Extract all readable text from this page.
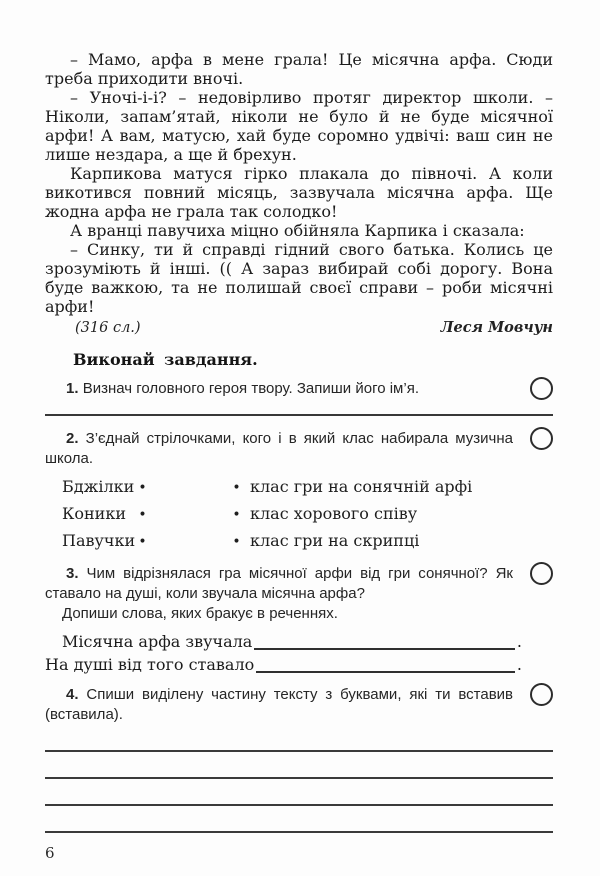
– Мамо, арфа в мене грала! Це місячна арфа. Сюди треба приходити вночі.

– Уночі-і-і? – недовірливо протяг директор школи. – Ніколи, запам’ятай, ніколи не було й не буде місячної арфи! А вам, матусю, хай буде соромно удвічі: ваш син не лише нездара, а ще й брехун.

Карпикова матуся гірко плакала до півночі. А коли викотився повний місяць, зазвучала місячна арфа. Ще жодна арфа не грала так солодко!

А вранці павучиха міцно обійняла Карпика і сказала:

– Синку, ти й справді гідний свого батька. Колись це зрозуміють й інші. (( А зараз вибирай собі дорогу. Вона буде важкою, та не полишай своєї справи – роби місячні арфи!

(316 сл.)	Леся Мовчун

Виконай завдання.

1. Визнач головного героя твору. Запиши його ім’я.

2. З’єднай стрілочками, кого і в який клас набирала музична школа.

Бджілки •	• клас гри на сонячній арфі
Коники •	• клас хорового співу
Павучки •	• клас гри на скрипці

3. Чим відрізнялася гра місячної арфи від гри сонячної? Як ставало на душі, коли звучала місячна арфа?

Допиши слова, яких бракує в реченнях.

Місячна арфа звучала	.
На душі від того ставало	.

4. Спиши виділену частину тексту з буквами, які ти вставив (вставила).

6
